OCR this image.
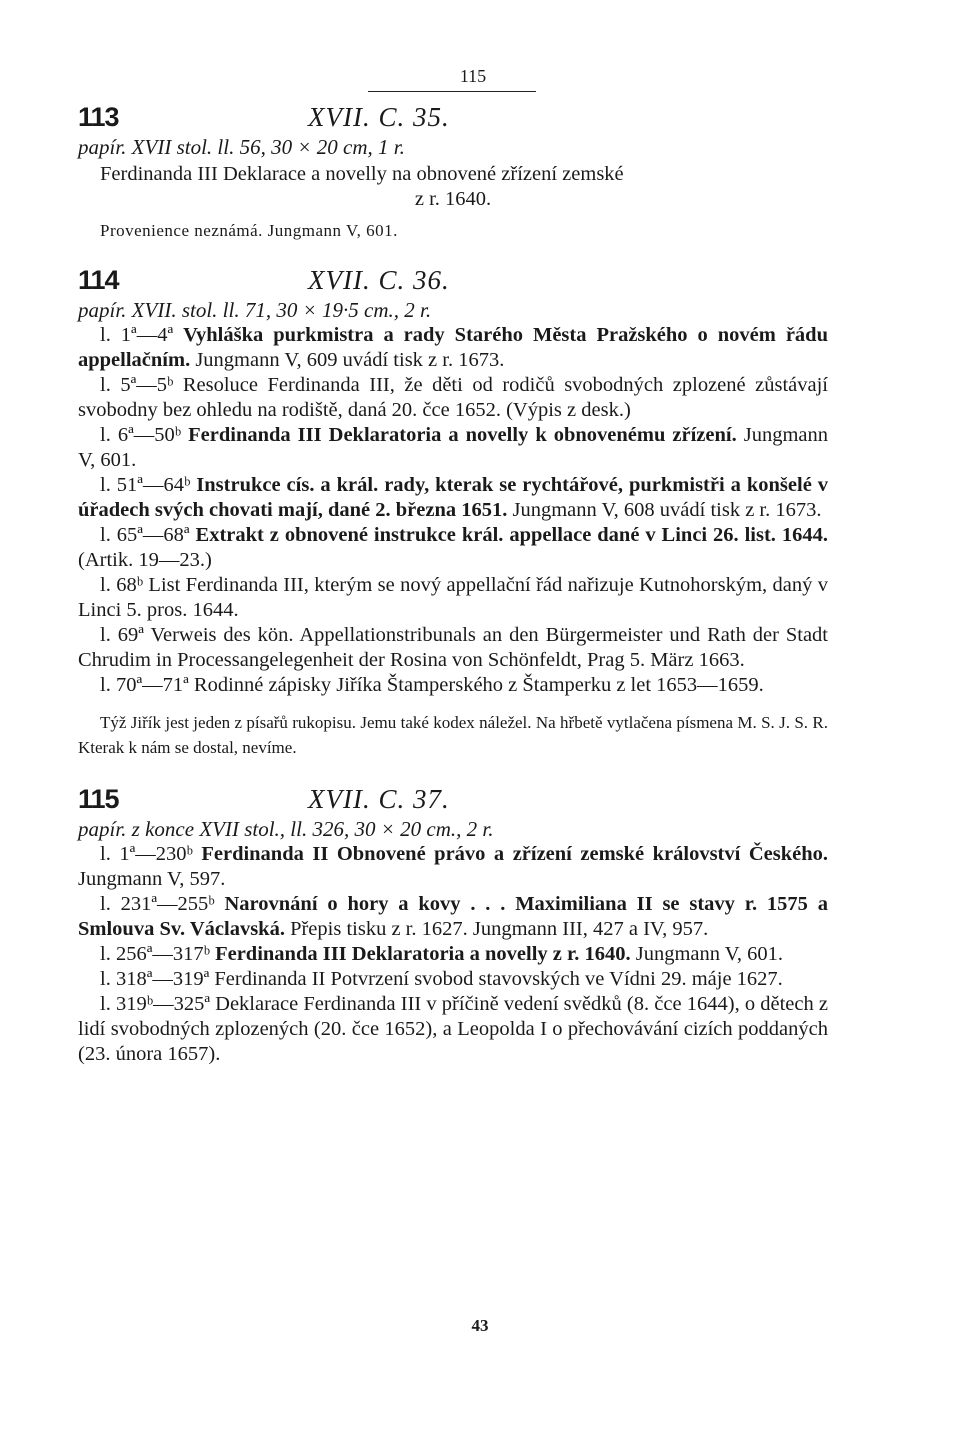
115
113	XVII. C. 35.
papír. XVII stol. ll. 56, 30 × 20 cm, 1 r.

Ferdinanda III Deklarace a novelly na obnovené zřízení zemské

z r. 1640.

Provenience neznámá. Jungmann V, 601.

114	XVII. C. 36.
papír. XVII. stol. ll. 71, 30 × 19·5 cm., 2 r.

l. 1ª—4ª Vyhláška purkmistra a rady Starého Města Pražského o novém řádu appellačním. Jungmann V, 609 uvádí tisk z r. 1673.

l. 5ª—5ᵇ Resoluce Ferdinanda III, že děti od rodičů svobodných zplozené zůstávají svobodny bez ohledu na rodiště, daná 20. čce 1652. (Výpis z desk.)

l. 6ª—50ᵇ Ferdinanda III Deklaratoria a novelly k obnovenému zřízení. Jungmann V, 601.

l. 51ª—64ᵇ Instrukce cís. a král. rady, kterak se rychtářové, purkmistři a konšelé v úřadech svých chovati mají, dané 2. března 1651. Jungmann V, 608 uvádí tisk z r. 1673.

l. 65ª—68ª Extrakt z obnovené instrukce král. appellace dané v Linci 26. list. 1644. (Artik. 19—23.)

l. 68ᵇ List Ferdinanda III, kterým se nový appellační řád nařizuje Kutnohorským, daný v Linci 5. pros. 1644.

l. 69ª Verweis des kön. Appellationstribunals an den Bürgermeister und Rath der Stadt Chrudim in Processangelegenheit der Rosina von Schönfeldt, Prag 5. März 1663.

l. 70ª—71ª Rodinné zápisky Jiříka Štamperského z Štamperku z let 1653—1659.

Týž Jiřík jest jeden z písařů rukopisu. Jemu také kodex náležel. Na hřbetě vytlačena písmena M. S. J. S. R. Kterak k nám se dostal, nevíme.

115	XVII. C. 37.
papír. z konce XVII stol., ll. 326, 30 × 20 cm., 2 r.

l. 1ª—230ᵇ Ferdinanda II Obnovené právo a zřízení zemské království Českého. Jungmann V, 597.

l. 231ª—255ᵇ Narovnání o hory a kovy . . . Maximiliana II se stavy r. 1575 a Smlouva Sv. Václavská. Přepis tisku z r. 1627. Jungmann III, 427 a IV, 957.

l. 256ª—317ᵇ Ferdinanda III Deklaratoria a novelly z r. 1640. Jungmann V, 601.

l. 318ª—319ª Ferdinanda II Potvrzení svobod stavovských ve Vídni 29. máje 1627.

l. 319ᵇ—325ª Deklarace Ferdinanda III v příčině vedení svědků (8. čce 1644), o dětech z lidí svobodných zplozených (20. čce 1652), a Leopolda I o přechovávání cizích poddaných (23. února 1657).

43
